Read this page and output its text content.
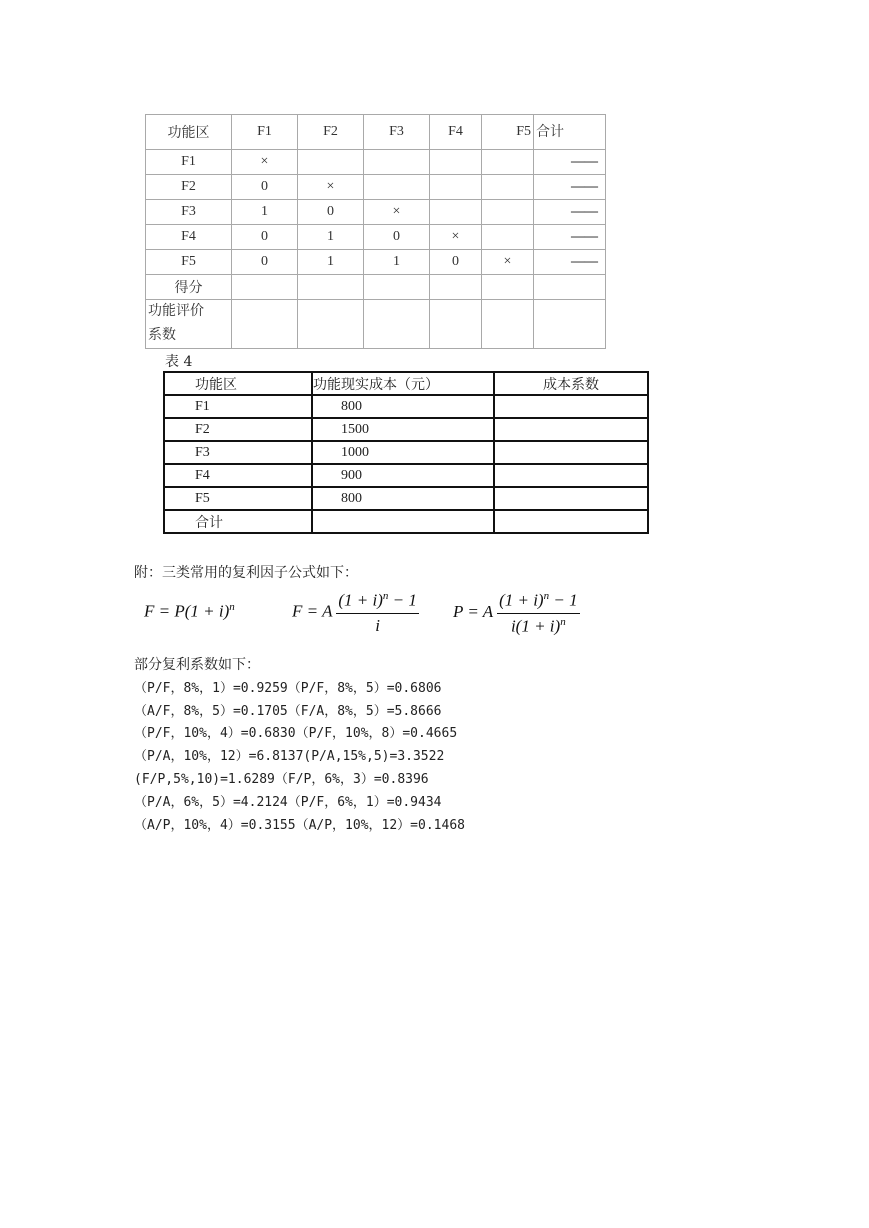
功能区	F1	F2	F3	F4	F5	合计
F1	×					——
F2	0	×				——
F3	1	0	×			——
F4	0	1	0	×		——
F5	0	1	1	0	×	——
得分						
功能评价
系数						
表 4
功能区	功能现实成本（元）	成本系数
F1	800	
F2	1500	
F3	1000	
F4	900	
F5	800	
合计		
附：三类常用的复利因子公式如下：
$F = P(1 + i)^n$	F = A $\frac{(1 + i)^n - 1}{i}$ P = A $\frac{(1 + i)^n - 1}{i(1 + i)^n}$
部分复利系数如下：
（P/F，8%，1）=0.9259（P/F，8%，5）=0.6806
（A/F，8%，5）=0.1705（F/A，8%，5）=5.8666
（P/F，10%，4）=0.6830（P/F，10%，8）=0.4665
（P/A，10%，12）=6.8137(P/A,15%,5)=3.3522
(F/P,5%,10)=1.6289（F/P，6%，3）=0.8396
（P/A，6%，5）=4.2124（P/F，6%，1）=0.9434
（A/P，10%，4）=0.3155（A/P，10%，12）=0.1468
